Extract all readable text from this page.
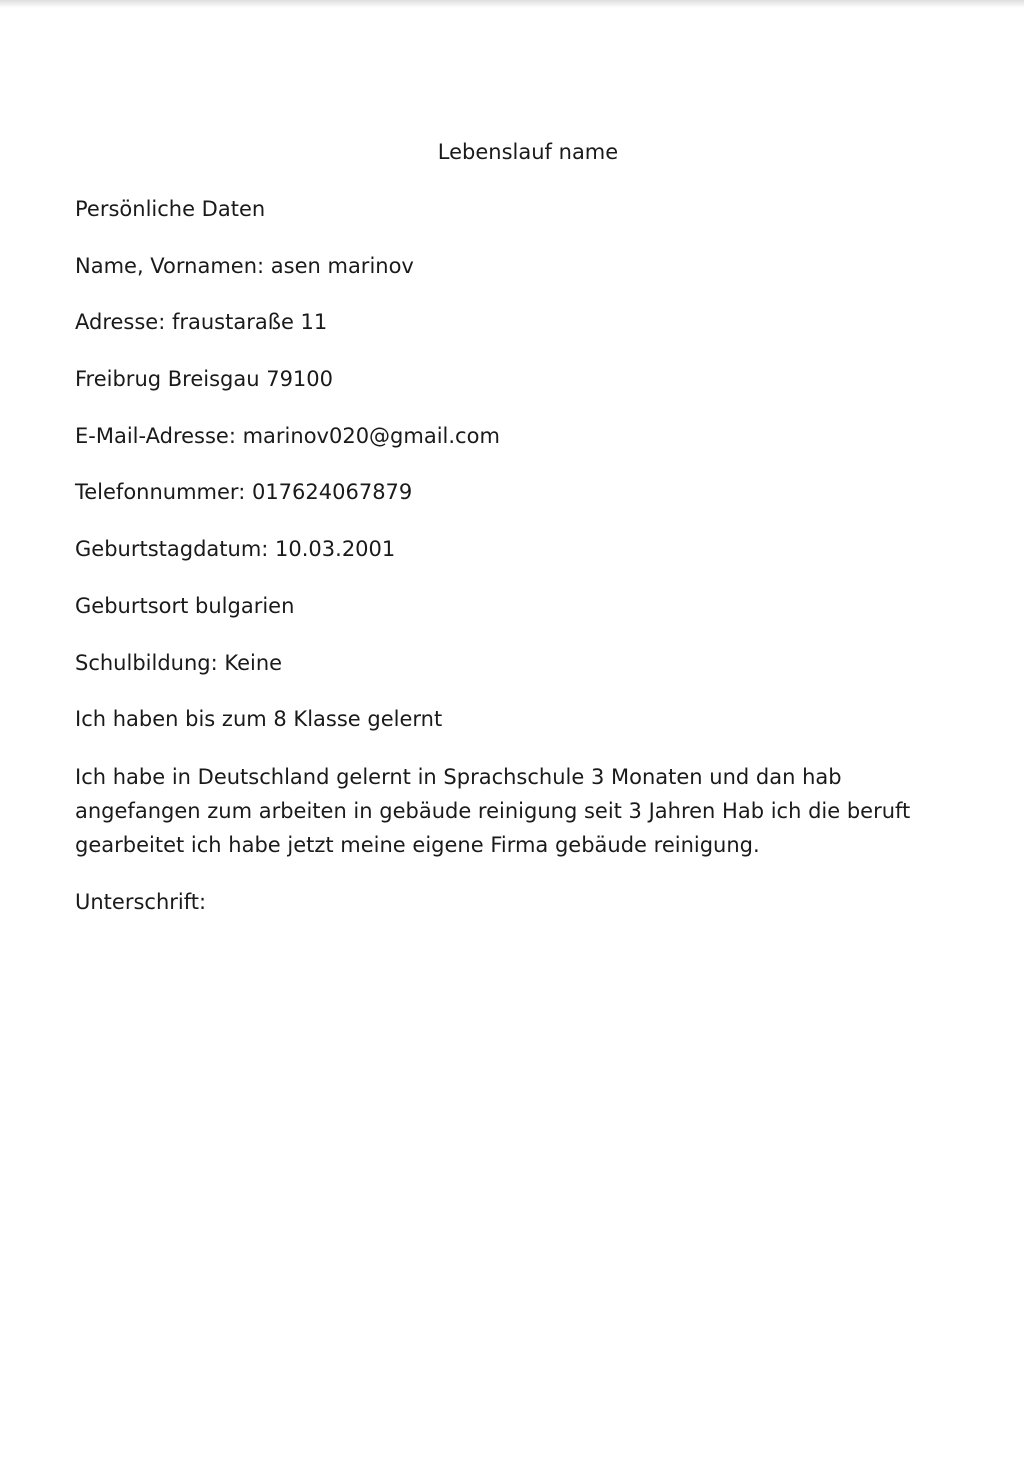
Lebenslauf name
Persönliche Daten
Name, Vornamen: asen marinov
Adresse: fraustaraße 11
Freibrug Breisgau 79100
E-Mail-Adresse: marinov020@gmail.com
Telefonnummer: 017624067879
Geburtstagdatum: 10.03.2001
Geburtsort bulgarien
Schulbildung: Keine
Ich haben bis zum 8 Klasse gelernt
Ich habe in Deutschland gelernt in Sprachschule 3 Monaten und dan hab angefangen zum arbeiten in gebäude reinigung seit 3 Jahren Hab ich die beruft gearbeitet ich habe jetzt meine eigene Firma gebäude reinigung.
Unterschrift:
